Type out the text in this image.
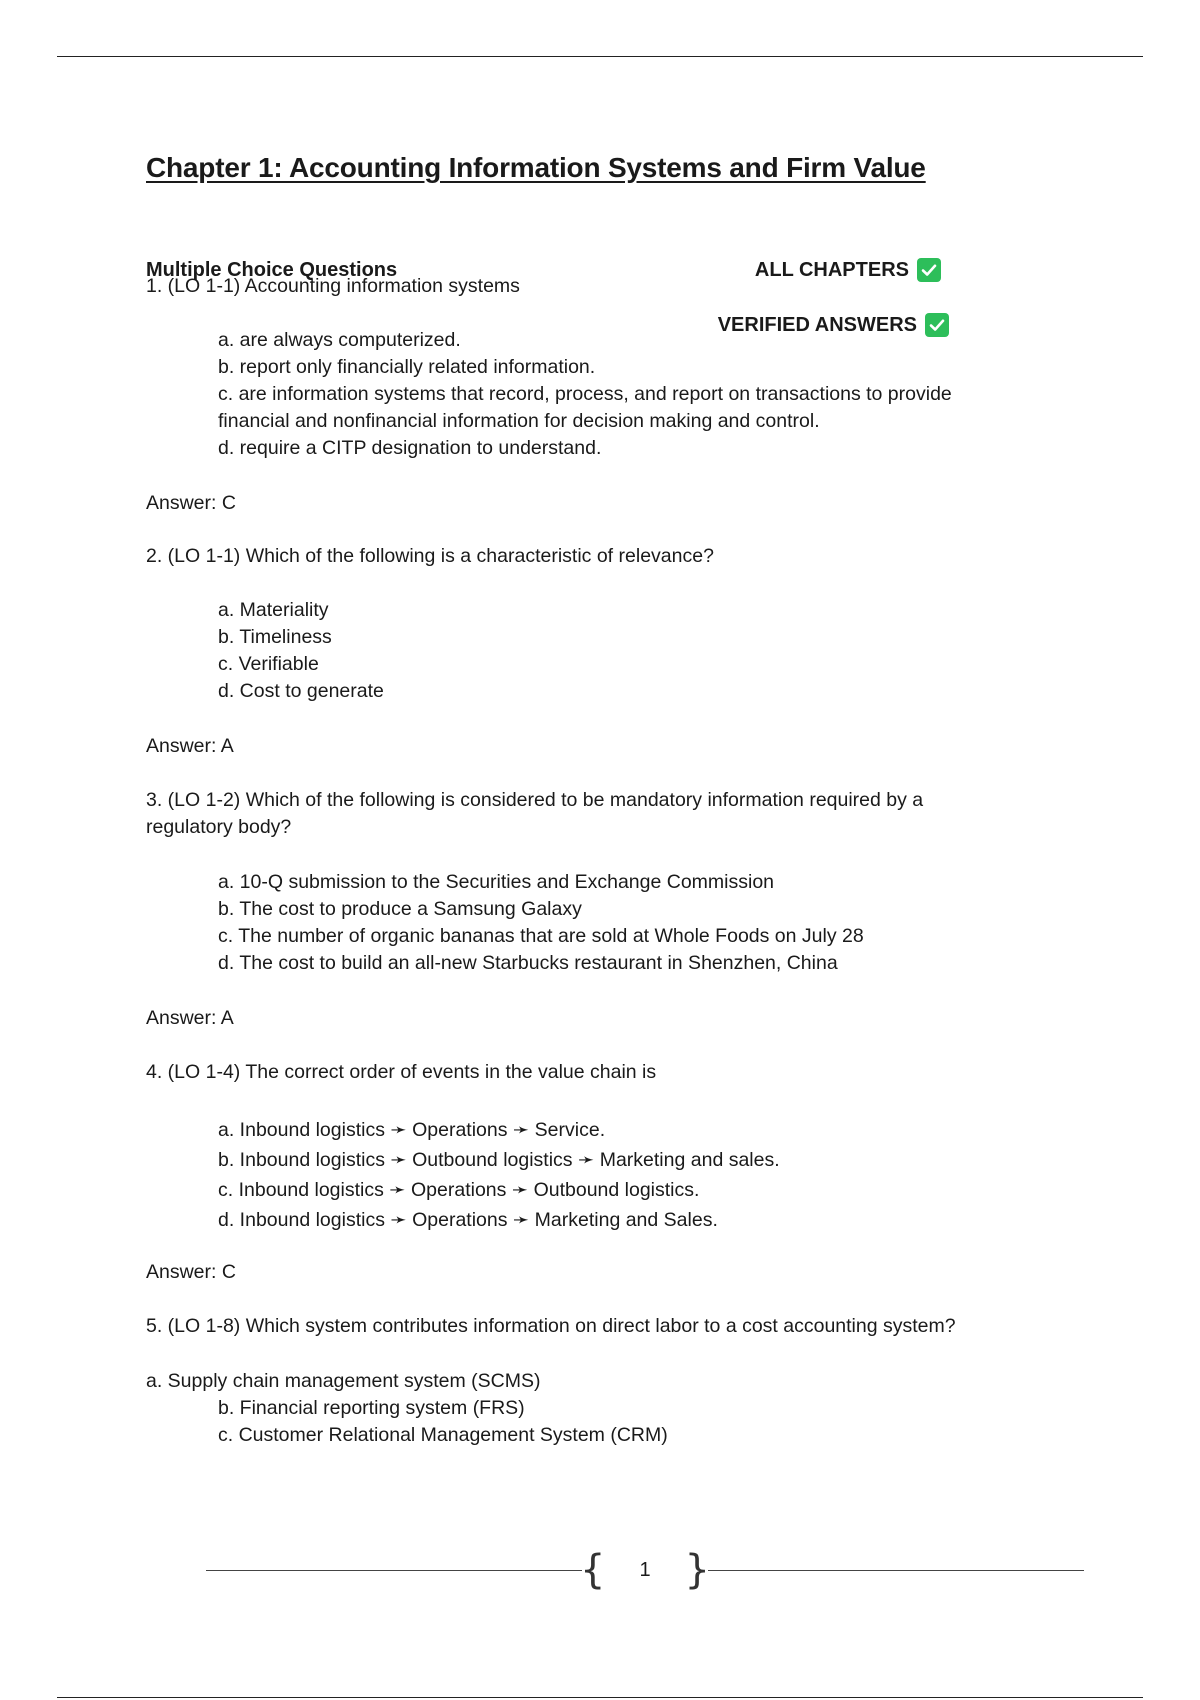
Chapter 1: Accounting Information Systems and Firm Value
Multiple Choice Questions	ALL CHAPTERS
VERIFIED ANSWERS
1. (LO 1-1) Accounting information systems
a. are always computerized.
b. report only financially related information.
c. are information systems that record, process, and report on transactions to provide financial and nonfinancial information for decision making and control.
d. require a CITP designation to understand.
Answer: C
2. (LO 1-1) Which of the following is a characteristic of relevance?
a. Materiality
b. Timeliness
c. Verifiable
d. Cost to generate
Answer: A
3. (LO 1-2) Which of the following is considered to be mandatory information required by a regulatory body?
a. 10-Q submission to the Securities and Exchange Commission
b. The cost to produce a Samsung Galaxy
c. The number of organic bananas that are sold at Whole Foods on July 28
d. The cost to build an all-new Starbucks restaurant in Shenzhen, China
Answer: A
4. (LO 1-4) The correct order of events in the value chain is
a. Inbound logistics ➛ Operations ➛ Service.
b. Inbound logistics ➛ Outbound logistics ➛ Marketing and sales.
c. Inbound logistics ➛ Operations ➛ Outbound logistics.
d. Inbound logistics ➛ Operations ➛ Marketing and Sales.
Answer: C
5. (LO 1-8) Which system contributes information on direct labor to a cost accounting system?
a. Supply chain management system (SCMS)
b. Financial reporting system (FRS)
c. Customer Relational Management System (CRM)
{	1 }
